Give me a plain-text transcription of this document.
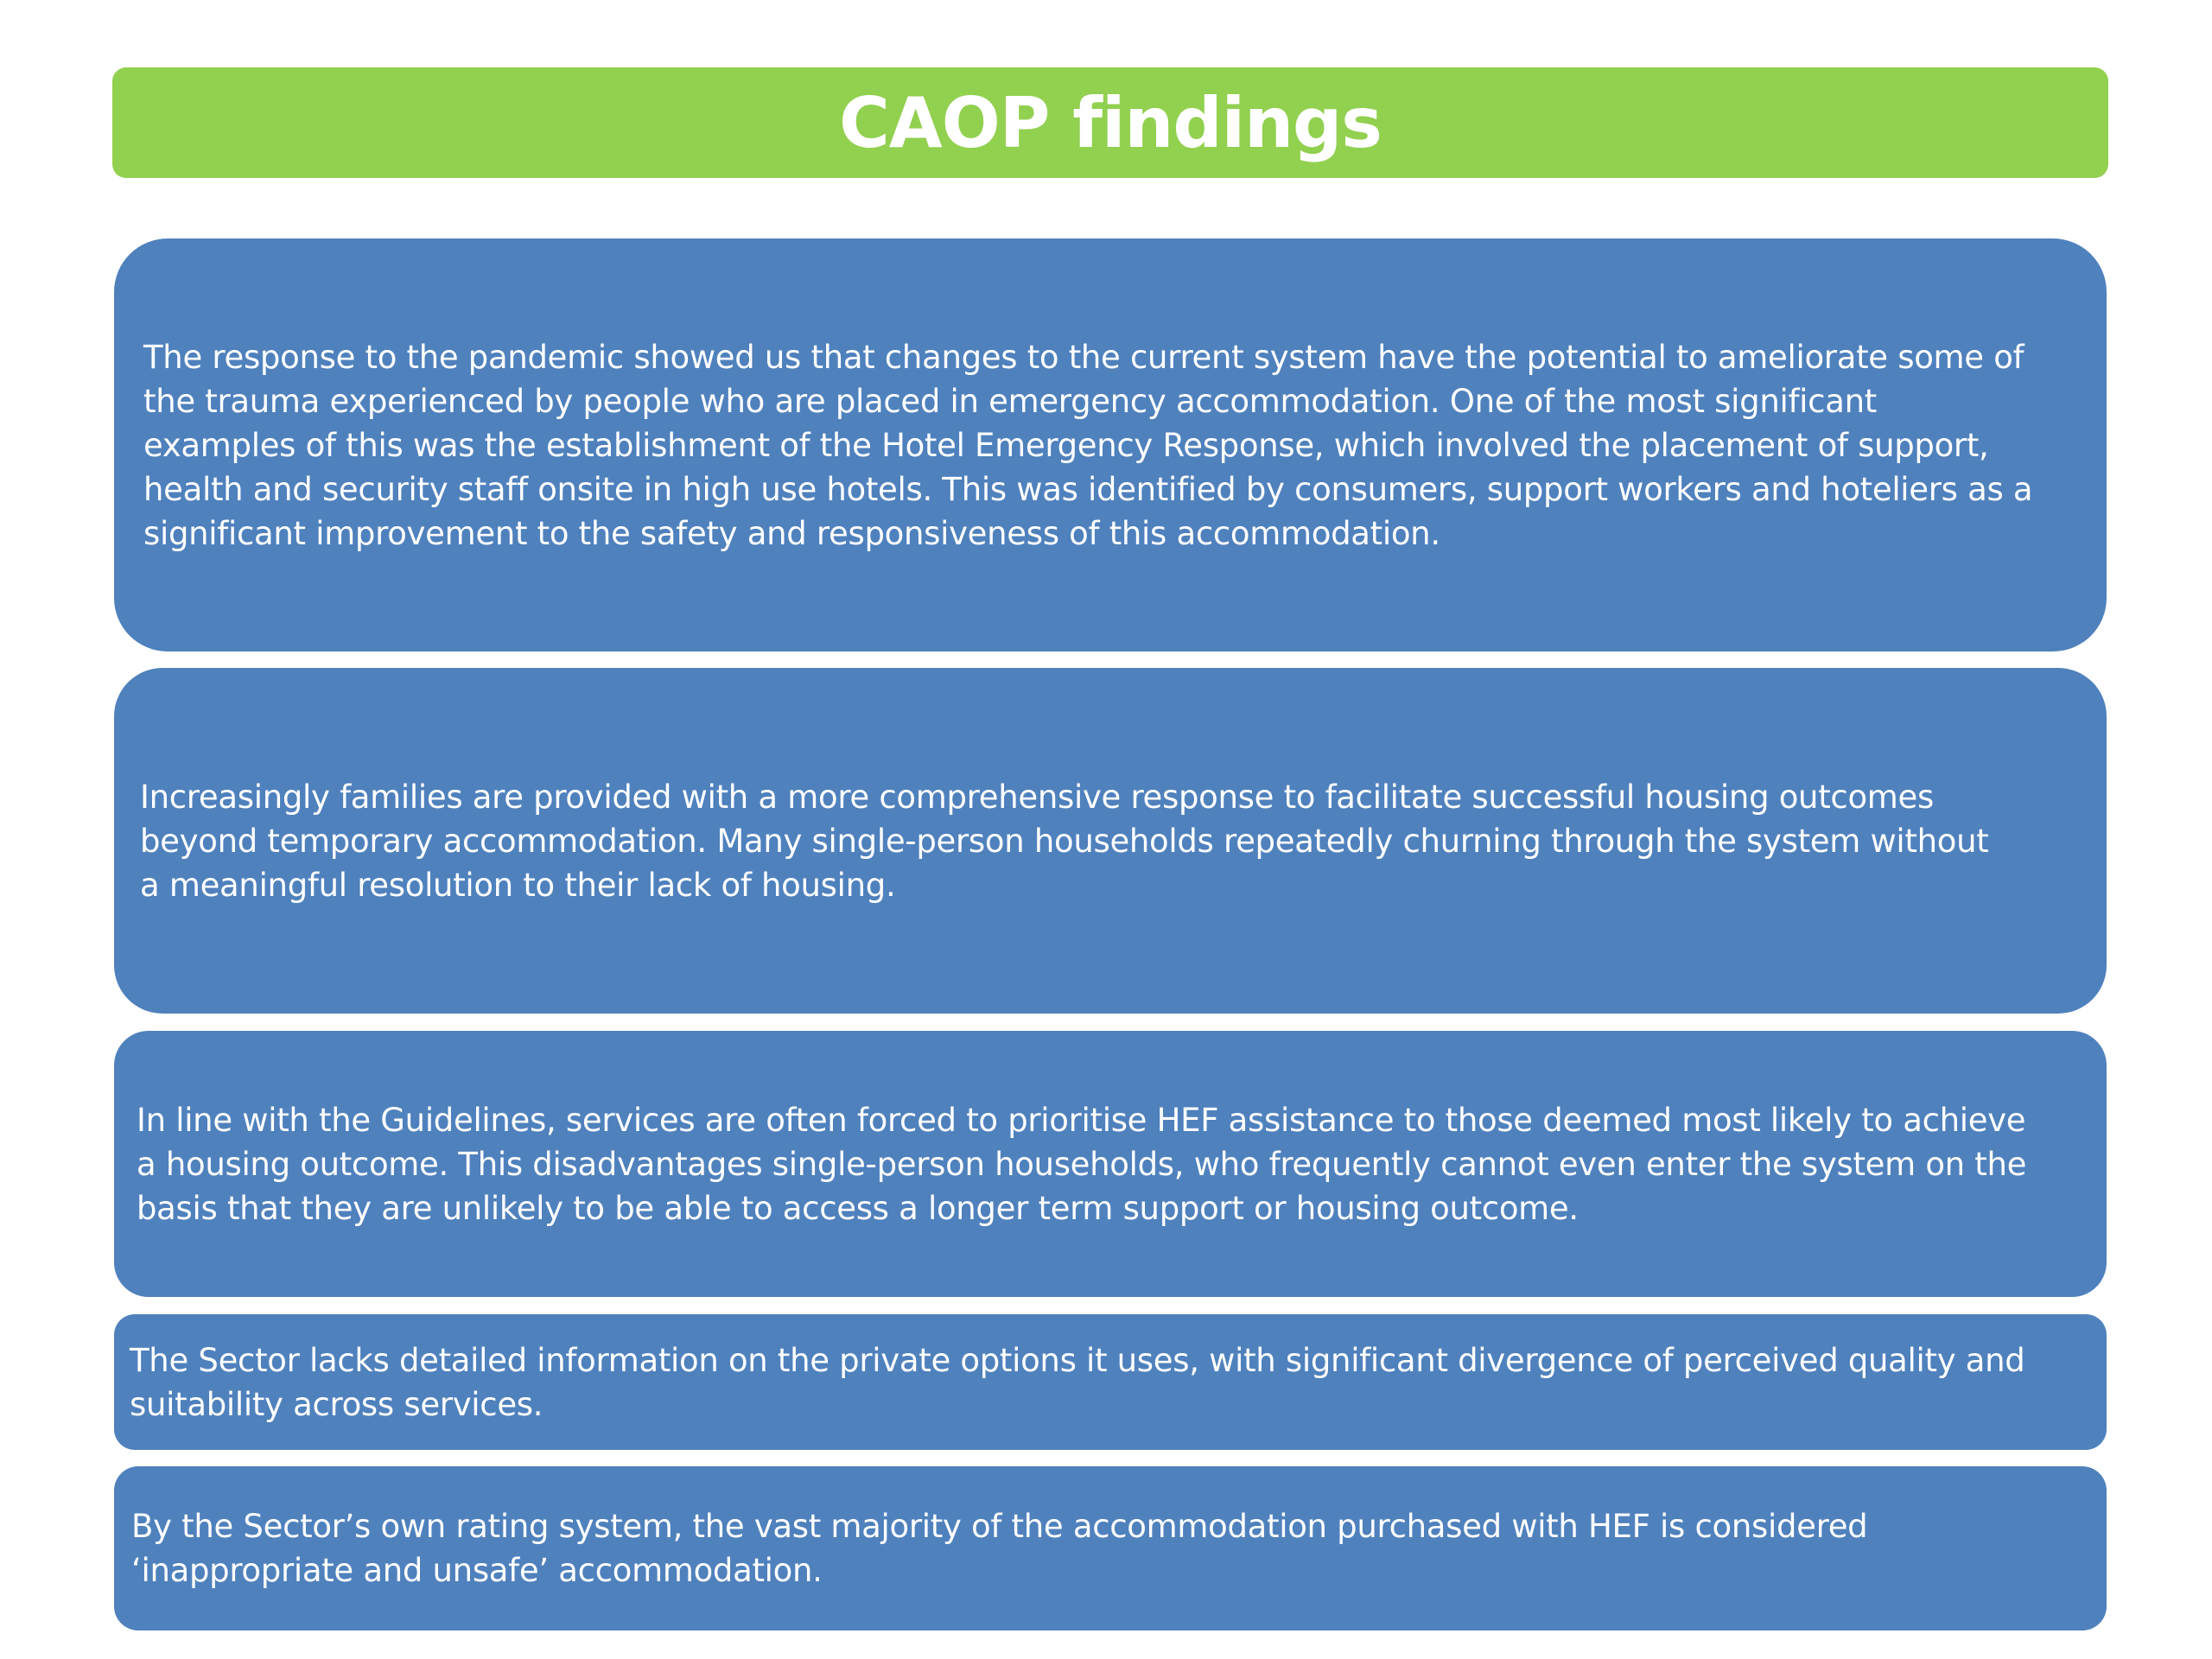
CAOP findings

The response to the pandemic showed us that changes to the current system have the potential to ameliorate some of
the trauma experienced by people who are placed in emergency accommodation. One of the most significant
examples of this was the establishment of the Hotel Emergency Response, which involved the placement of support,
health and security staff onsite in high use hotels. This was identified by consumers, support workers and hoteliers as a
significant improvement to the safety and responsiveness of this accommodation.

Increasingly families are provided with a more comprehensive response to facilitate successful housing outcomes
beyond temporary accommodation. Many single-person households repeatedly churning through the system without
a meaningful resolution to their lack of housing.

In line with the Guidelines, services are often forced to prioritise HEF assistance to those deemed most likely to achieve
a housing outcome. This disadvantages single-person households, who frequently cannot even enter the system on the
basis that they are unlikely to be able to access a longer term support or housing outcome.

The Sector lacks detailed information on the private options it uses, with significant divergence of perceived quality and
suitability across services.

By the Sector’s own rating system, the vast majority of the accommodation purchased with HEF is considered
‘inappropriate and unsafe’ accommodation.
